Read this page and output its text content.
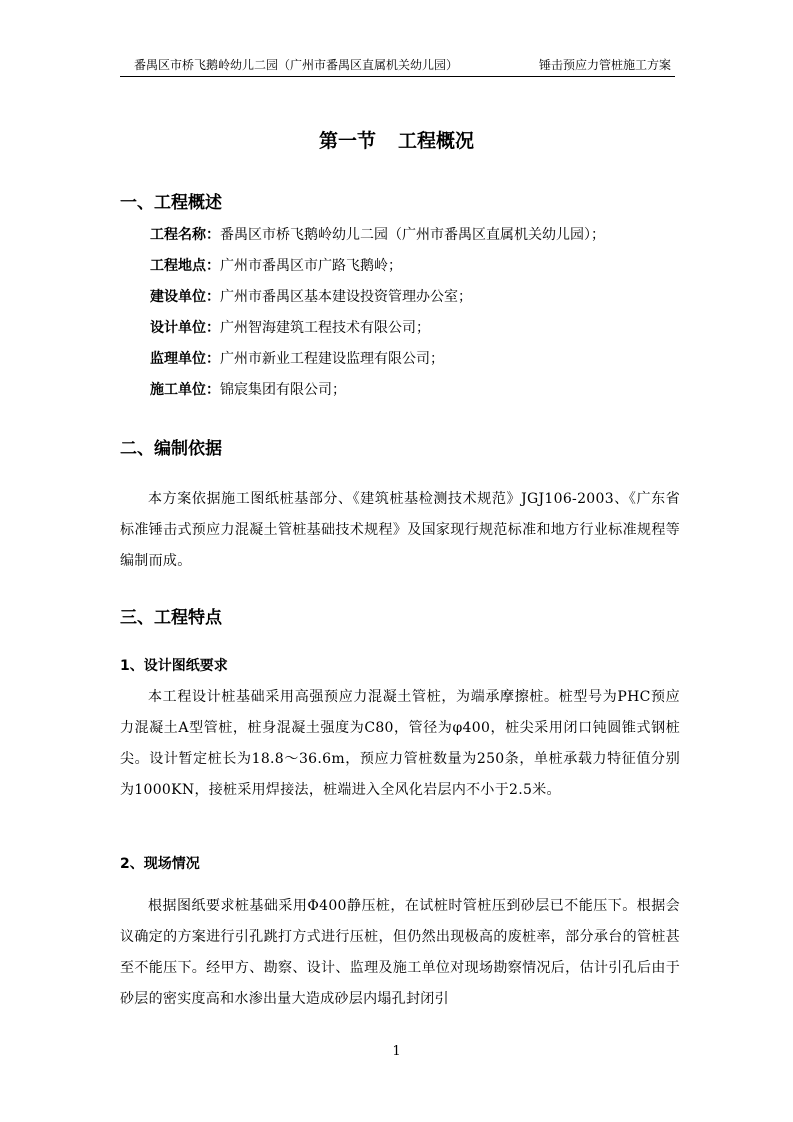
番禺区市桥飞鹅岭幼儿二园（广州市番禺区直属机关幼儿园）	锤击预应力管桩施工方案
第一节 工程概况
一、工程概述
工程名称：番禺区市桥飞鹅岭幼儿二园（广州市番禺区直属机关幼儿园）；
工程地点：广州市番禺区市广路飞鹅岭；
建设单位：广州市番禺区基本建设投资管理办公室；
设计单位：广州智海建筑工程技术有限公司；
监理单位：广州市新业工程建设监理有限公司；
施工单位：锦宸集团有限公司；
二、编制依据
本方案依据施工图纸桩基部分、《建筑桩基检测技术规范》JGJ106-2003、《广东省标准锤击式预应力混凝土管桩基础技术规程》及国家现行规范标准和地方行业标准规程等编制而成。
三、工程特点
1、设计图纸要求
本工程设计桩基础采用高强预应力混凝土管桩，为端承摩擦桩。桩型号为PHC预应力混凝土A型管桩，桩身混凝土强度为C80，管径为φ400，桩尖采用闭口钝圆锥式钢桩尖。设计暂定桩长为18.8～36.6m，预应力管桩数量为250条，单桩承载力特征值分别为1000KN，接桩采用焊接法，桩端进入全风化岩层内不小于2.5米。
2、现场情况
根据图纸要求桩基础采用Φ400静压桩，在试桩时管桩压到砂层已不能压下。根据会议确定的方案进行引孔跳打方式进行压桩，但仍然出现极高的废桩率，部分承台的管桩甚至不能压下。经甲方、勘察、设计、监理及施工单位对现场勘察情况后，估计引孔后由于砂层的密实度高和水渗出量大造成砂层内塌孔封闭引
1
